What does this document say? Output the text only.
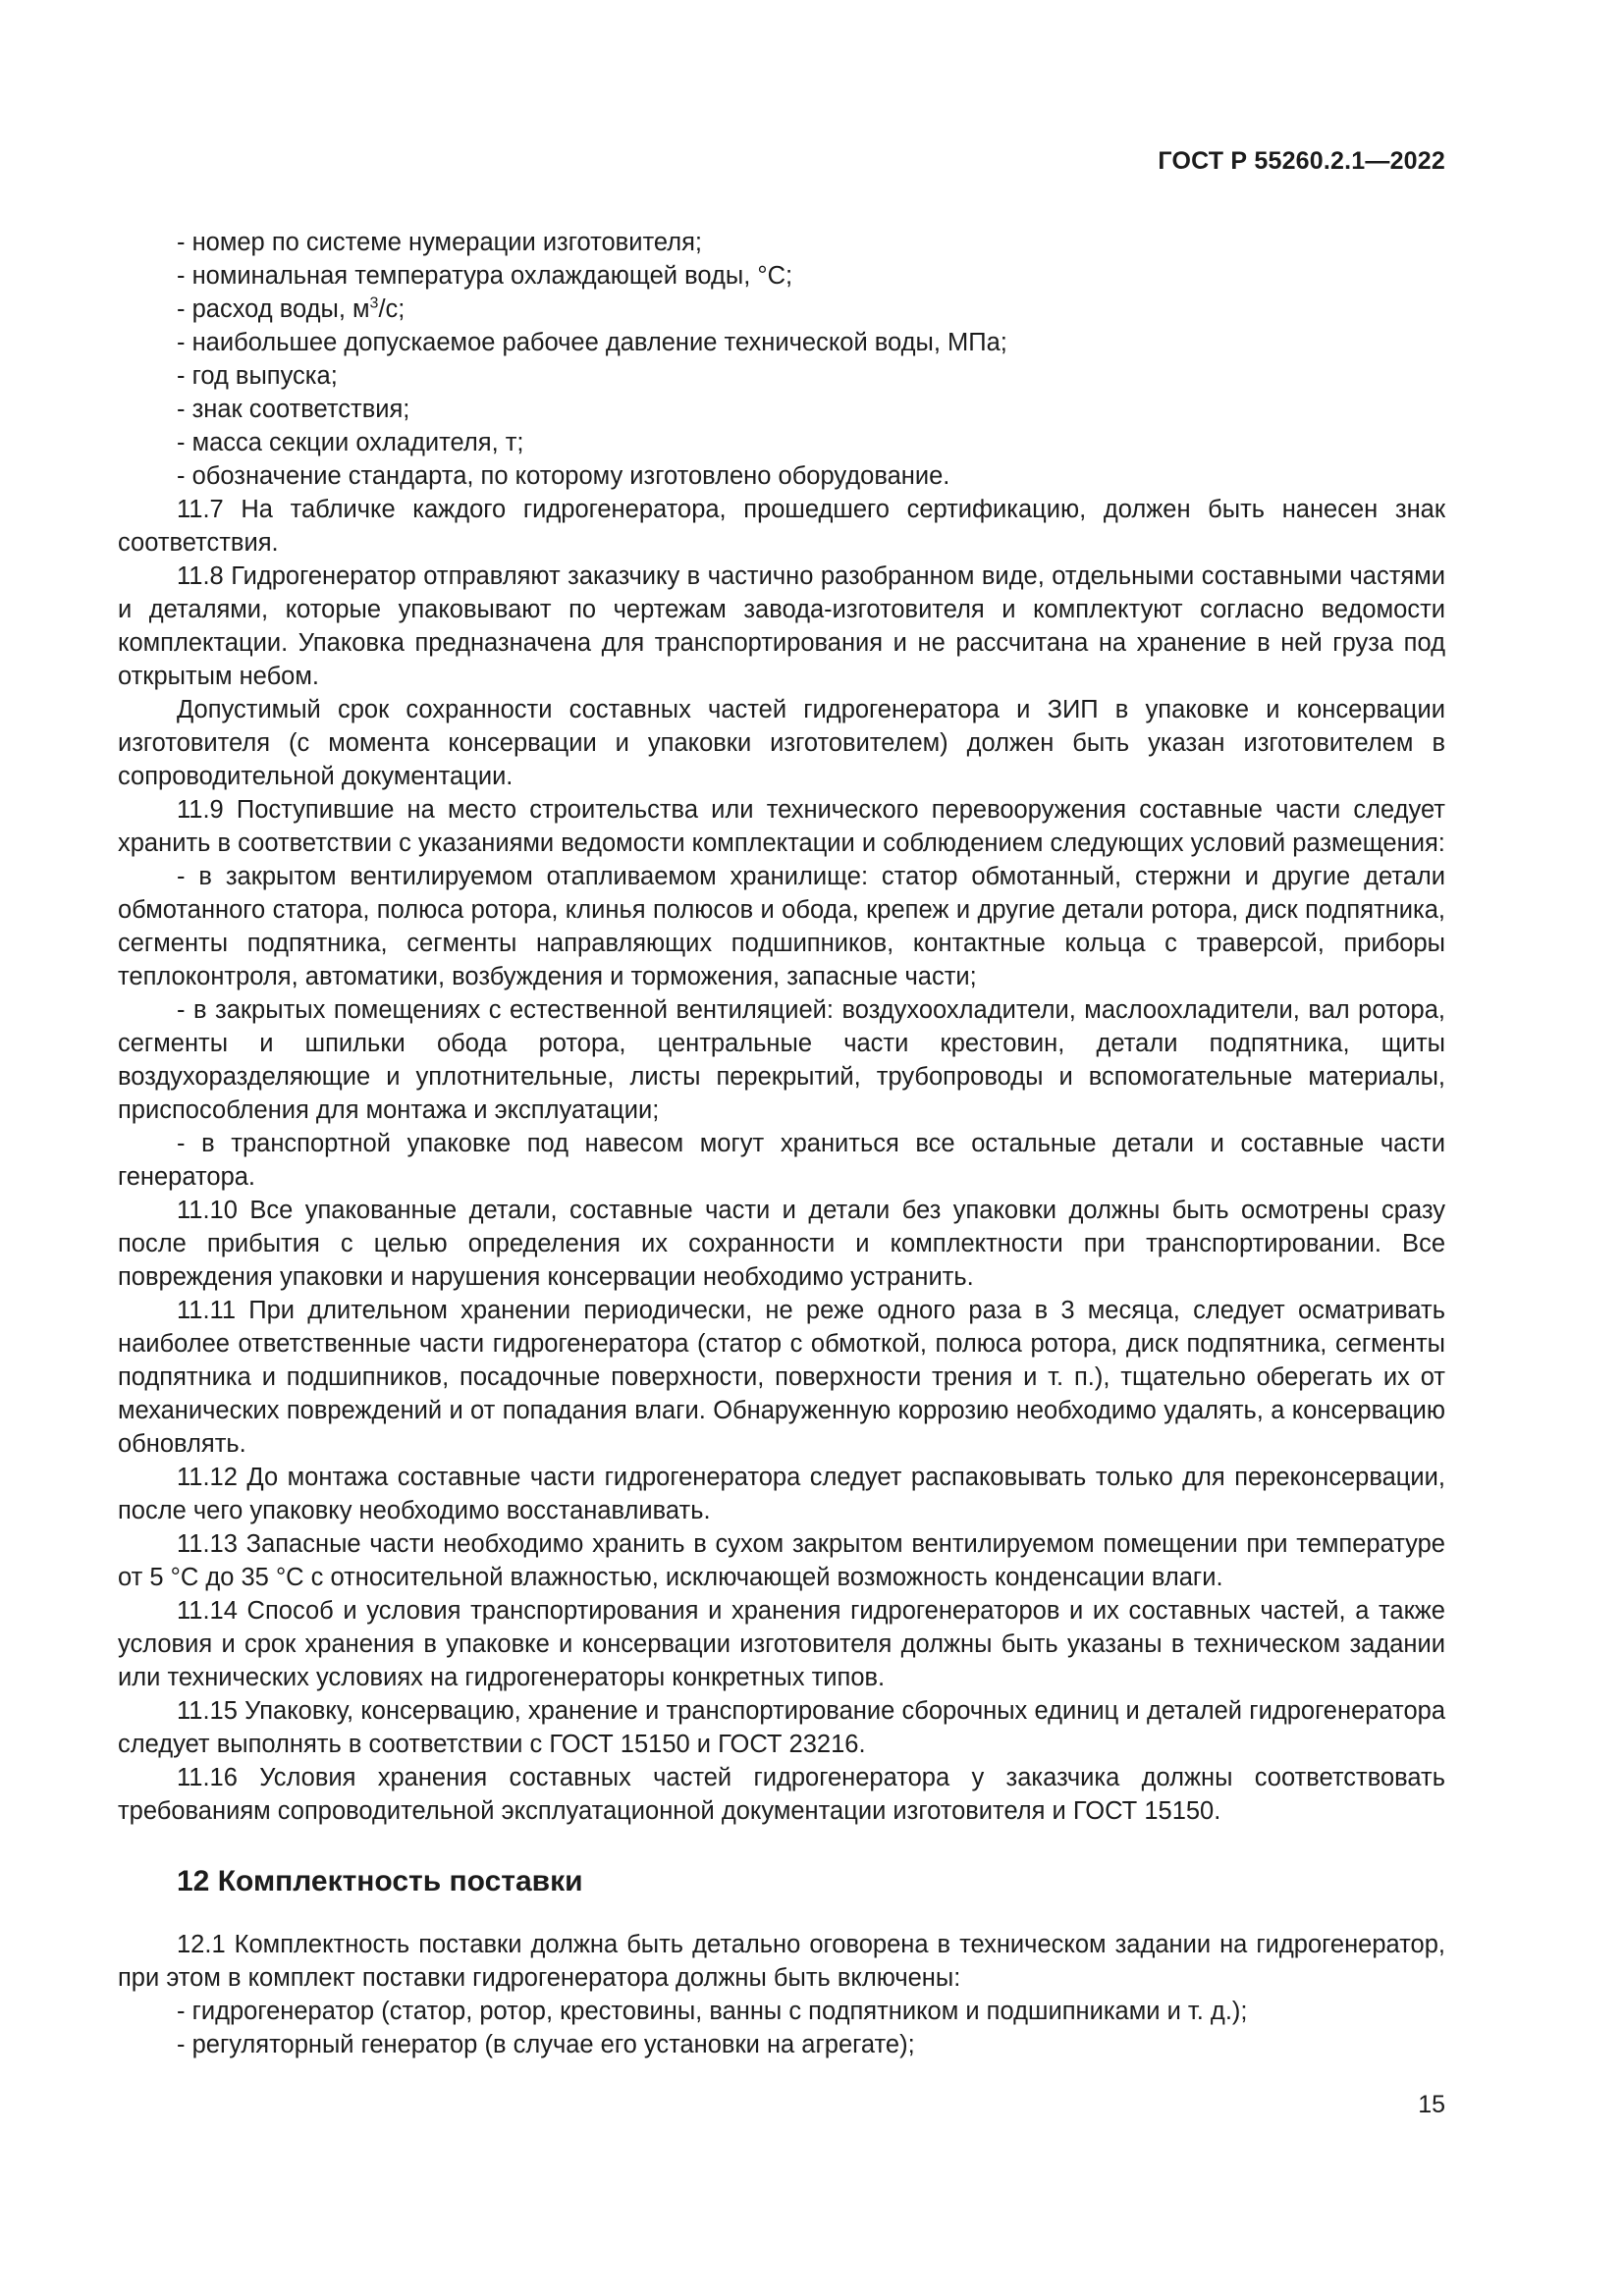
ГОСТ Р 55260.2.1—2022

- номер по системе нумерации изготовителя;

- номинальная температура охлаждающей воды, °С;

- расход воды, $м^3/с$;

- наибольшее допускаемое рабочее давление технической воды, МПа;

- год выпуска;

- знак соответствия;

- масса секции охладителя, т;

- обозначение стандарта, по которому изготовлено оборудование.

11.7 На табличке каждого гидрогенератора, прошедшего сертификацию, должен быть нанесен знак соответствия.

11.8 Гидрогенератор отправляют заказчику в частично разобранном виде, отдельными составными частями и деталями, которые упаковывают по чертежам завода-изготовителя и комплектуют согласно ведомости комплектации. Упаковка предназначена для транспортирования и не рассчитана на хранение в ней груза под открытым небом.

Допустимый срок сохранности составных частей гидрогенератора и ЗИП в упаковке и консервации изготовителя (с момента консервации и упаковки изготовителем) должен быть указан изготовителем в сопроводительной документации.

11.9 Поступившие на место строительства или технического перевооружения составные части следует хранить в соответствии с указаниями ведомости комплектации и соблюдением следующих условий размещения:

- в закрытом вентилируемом отапливаемом хранилище: статор обмотанный, стержни и другие детали обмотанного статора, полюса ротора, клинья полюсов и обода, крепеж и другие детали ротора, диск подпятника, сегменты подпятника, сегменты направляющих подшипников, контактные кольца с траверсой, приборы теплоконтроля, автоматики, возбуждения и торможения, запасные части;

- в закрытых помещениях с естественной вентиляцией: воздухоохладители, маслоохладители, вал ротора, сегменты и шпильки обода ротора, центральные части крестовин, детали подпятника, щиты воздухоразделяющие и уплотнительные, листы перекрытий, трубопроводы и вспомогательные материалы, приспособления для монтажа и эксплуатации;

- в транспортной упаковке под навесом могут храниться все остальные детали и составные части генератора.

11.10 Все упакованные детали, составные части и детали без упаковки должны быть осмотрены сразу после прибытия с целью определения их сохранности и комплектности при транспортировании. Все повреждения упаковки и нарушения консервации необходимо устранить.

11.11 При длительном хранении периодически, не реже одного раза в 3 месяца, следует осматривать наиболее ответственные части гидрогенератора (статор с обмоткой, полюса ротора, диск подпятника, сегменты подпятника и подшипников, посадочные поверхности, поверхности трения и т. п.), тщательно оберегать их от механических повреждений и от попадания влаги. Обнаруженную коррозию необходимо удалять, а консервацию обновлять.

11.12 До монтажа составные части гидрогенератора следует распаковывать только для переконсервации, после чего упаковку необходимо восстанавливать.

11.13 Запасные части необходимо хранить в сухом закрытом вентилируемом помещении при температуре от 5 °С до 35 °С с относительной влажностью, исключающей возможность конденсации влаги.

11.14 Способ и условия транспортирования и хранения гидрогенераторов и их составных частей, а также условия и срок хранения в упаковке и консервации изготовителя должны быть указаны в техническом задании или технических условиях на гидрогенераторы конкретных типов.

11.15 Упаковку, консервацию, хранение и транспортирование сборочных единиц и деталей гидрогенератора следует выполнять в соответствии с ГОСТ 15150 и ГОСТ 23216.

11.16 Условия хранения составных частей гидрогенератора у заказчика должны соответствовать требованиям сопроводительной эксплуатационной документации изготовителя и ГОСТ 15150.

12 Комплектность поставки

12.1 Комплектность поставки должна быть детально оговорена в техническом задании на гидрогенератор, при этом в комплект поставки гидрогенератора должны быть включены:

- гидрогенератор (статор, ротор, крестовины, ванны с подпятником и подшипниками и т. д.);

- регуляторный генератор (в случае его установки на агрегате);

15
